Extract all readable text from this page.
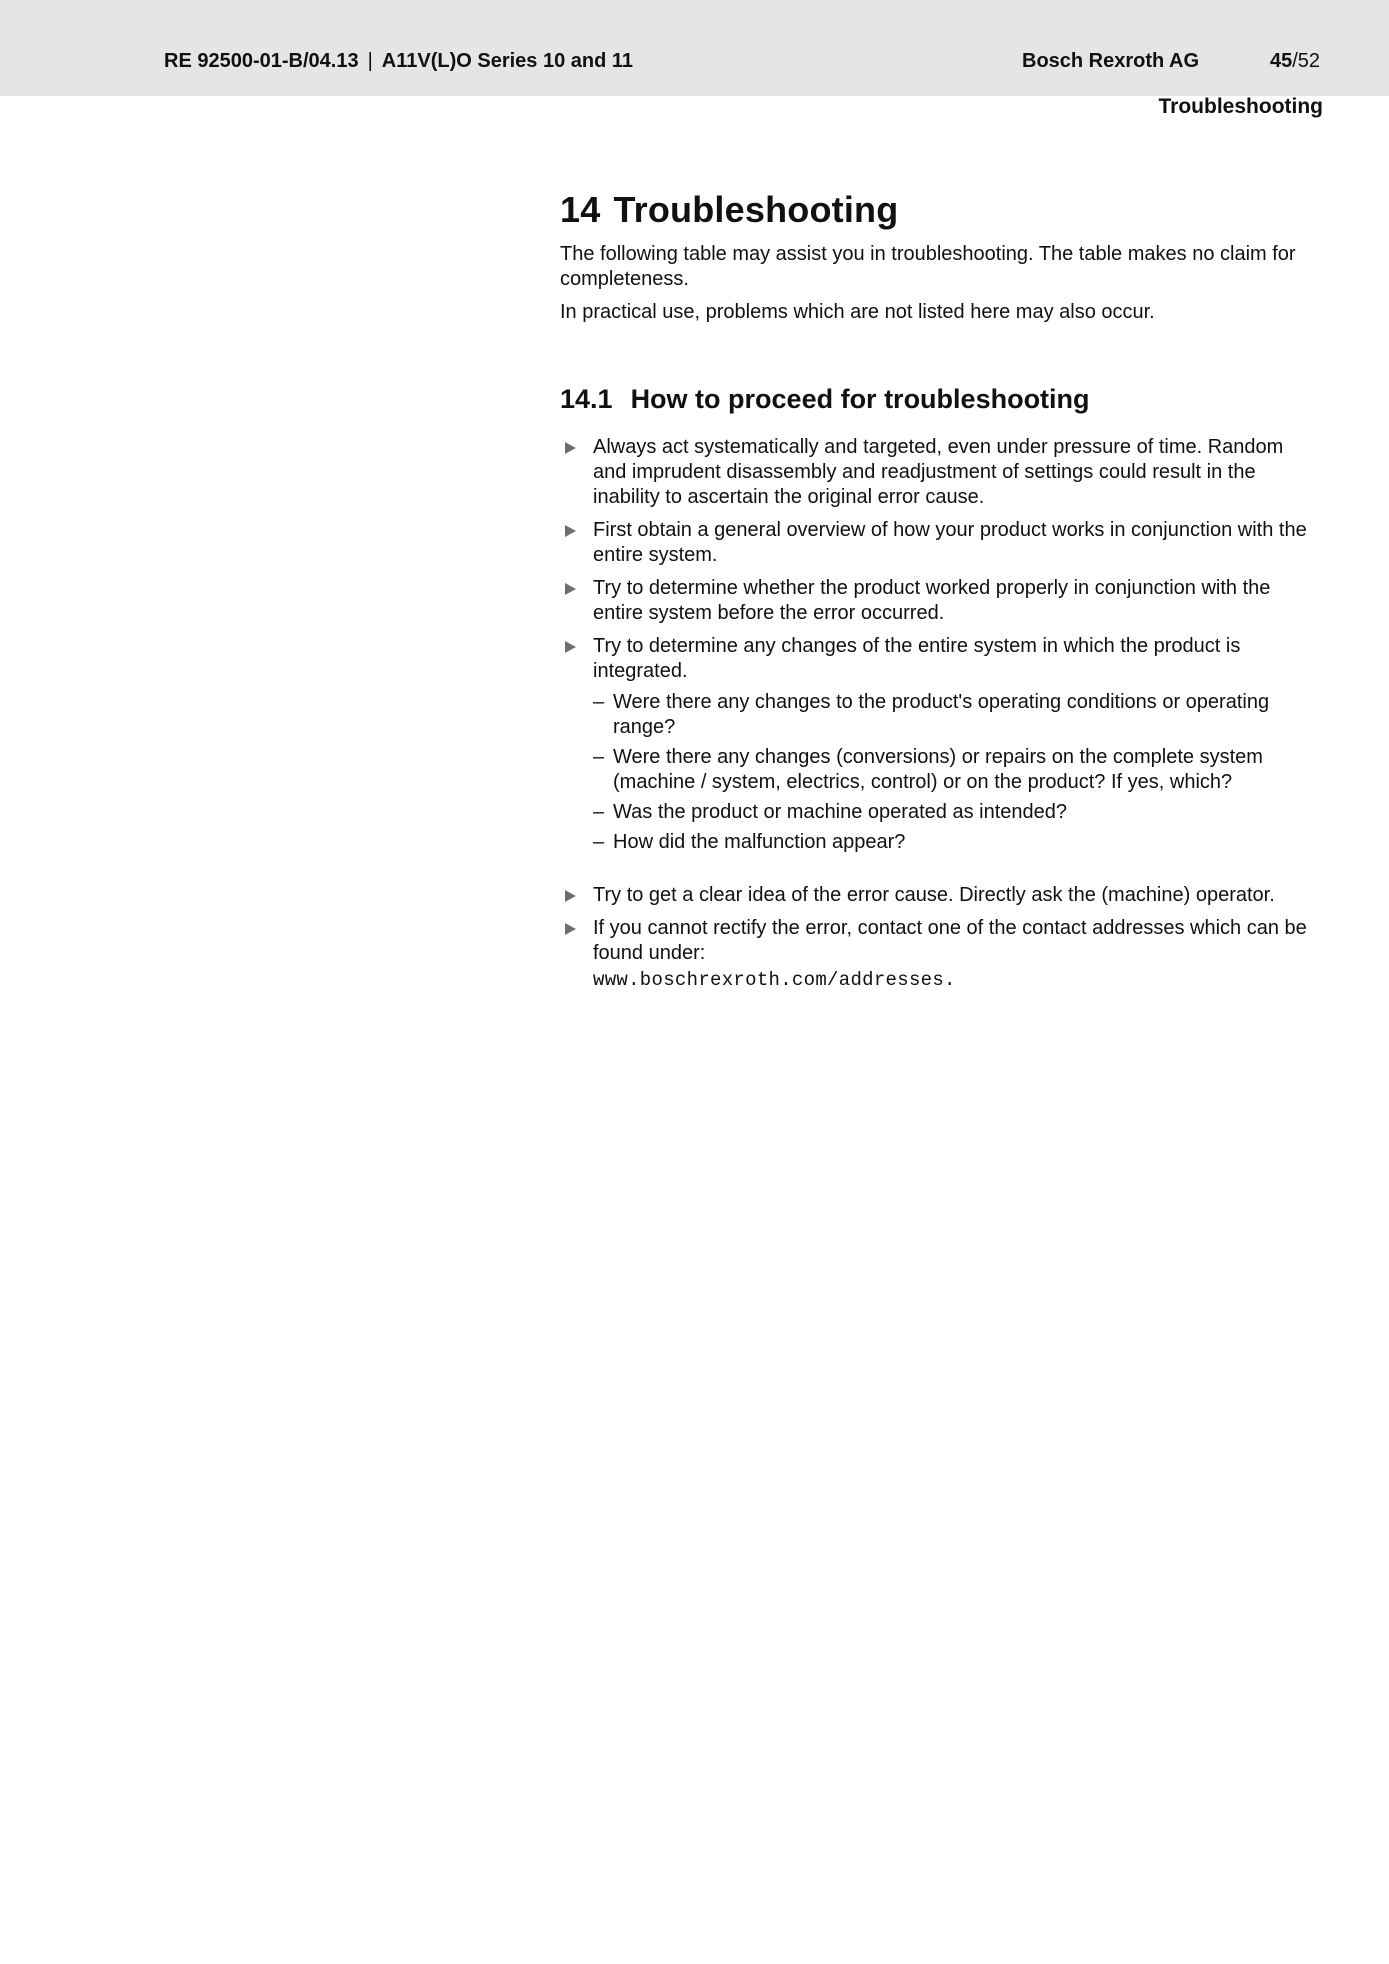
RE 92500-01-B/04.13 | A11V(L)O Series 10 and 11	Bosch Rexroth AG	45/52
Troubleshooting
14 Troubleshooting

The following table may assist you in troubleshooting. The table makes no claim for completeness.

In practical use, problems which are not listed here may also occur.

14.1 How to proceed for troubleshooting
Always act systematically and targeted, even under pressure of time. Random and imprudent disassembly and readjustment of settings could result in the inability to ascertain the original error cause.
First obtain a general overview of how your product works in conjunction with the entire system.
Try to determine whether the product worked properly in conjunction with the entire system before the error occurred.
Try to determine any changes of the entire system in which the product is integrated.
– Were there any changes to the product's operating conditions or operating range?
– Were there any changes (conversions) or repairs on the complete system (machine / system, electrics, control) or on the product? If yes, which?
– Was the product or machine operated as intended?
– How did the malfunction appear?
Try to get a clear idea of the error cause. Directly ask the (machine) operator.
If you cannot rectify the error, contact one of the contact addresses which can be found under:
www.boschrexroth.com/addresses.
